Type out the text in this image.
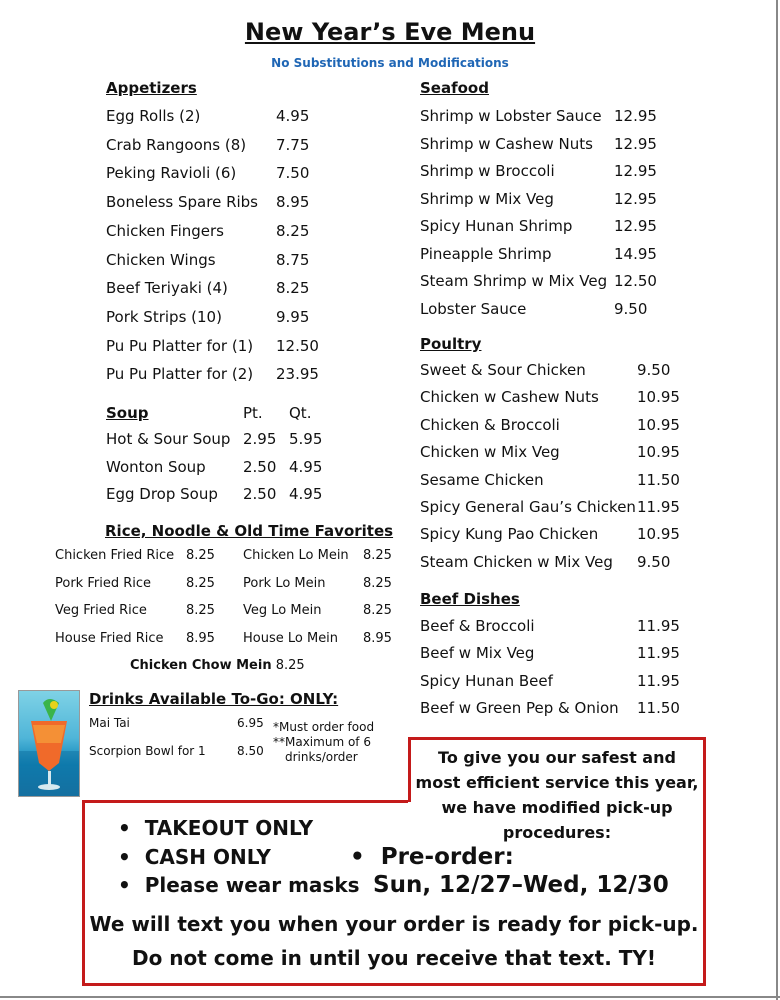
New Year’s Eve Menu
No Substitutions and Modifications
Appetizers
Egg Rolls (2)	4.95
Crab Rangoons (8) 7.75
Peking Ravioli (6)	7.50
Boneless Spare Ribs 8.95
Chicken Fingers	8.25
Chicken Wings	8.75
Beef Teriyaki (4)	8.25
Pork Strips (10)	9.95
Pu Pu Platter for (1) 12.50
Pu Pu Platter for (2) 23.95
Soup	Pt. Qt.
Hot & Sour Soup 2.95 5.95
Wonton Soup 2.50 4.95
Egg Drop Soup 2.50 4.95
Rice, Noodle & Old Time Favorites
Chicken Fried Rice 8.25 Chicken Lo Mein 8.25
Pork Fried Rice	8.25 Pork Lo Mein	8.25
Veg Fried Rice	8.25 Veg Lo Mein	8.25
House Fried Rice 8.95 House Lo Mein 8.95
Chicken Chow Mein 8.25
Drinks Available To-Go: ONLY:
Mai Tai	6.95
Scorpion Bowl for 1	8.50
*Must order food
**Maximum of 6
drinks/order
Seafood
Shrimp w Lobster Sauce 12.95
Shrimp w Cashew Nuts 12.95
Shrimp w Broccoli	12.95
Shrimp w Mix Veg	12.95
Spicy Hunan Shrimp	12.95
Pineapple Shrimp	14.95
Steam Shrimp w Mix Veg 12.50
Lobster Sauce	9.50
Poultry
Sweet & Sour Chicken	9.50
Chicken w Cashew Nuts	10.95
Chicken & Broccoli	10.95
Chicken w Mix Veg	10.95
Sesame Chicken	11.50
Spicy General Gau’s Chicken 11.95
Spicy Kung Pao Chicken	10.95
Steam Chicken w Mix Veg 9.50
Beef Dishes
Beef & Broccoli	11.95
Beef w Mix Veg	11.95
Spicy Hunan Beef	11.95
Beef w Green Pep & Onion 11.50
To give you our safest and
most efficient service this year,
we have modified pick-up
procedures:
•  TAKEOUT ONLY
•  CASH ONLY
•  Please wear masks
•  Pre-order:
Sun, 12/27–Wed, 12/30
We will text you when your order is ready for pick-up.
Do not come in until you receive that text. TY!
